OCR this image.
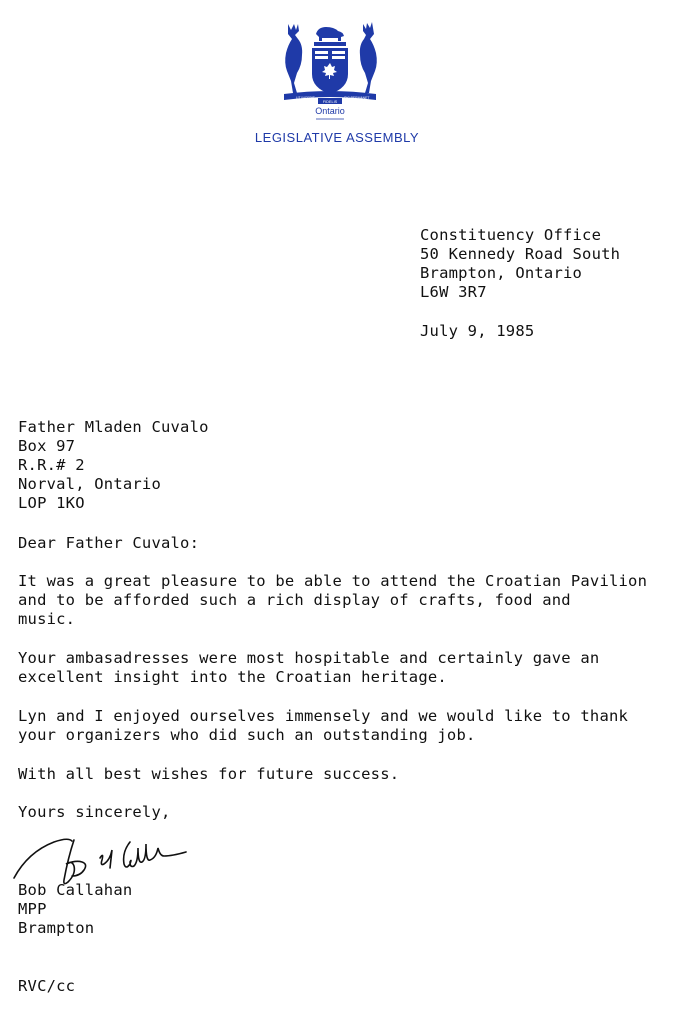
UT INCEPIT	SIC PERMANET
FIDELIS
Ontario
LEGISLATIVE ASSEMBLY
Constituency Office
50 Kennedy Road South
Brampton, Ontario
L6W 3R7
July 9, 1985
Father Mladen Cuvalo
Box 97
R.R.# 2
Norval, Ontario
LOP 1KO
Dear Father Cuvalo:
It was a great pleasure to be able to attend the Croatian Pavilion
and to be afforded such a rich display of crafts, food and
music.
Your ambasadresses were most hospitable and certainly gave an
excellent insight into the Croatian heritage.
Lyn and I enjoyed ourselves immensely and we would like to thank
your organizers who did such an outstanding job.
With all best wishes for future success.
Yours sincerely,
Bob Callahan
MPP
Brampton
RVC/cc
